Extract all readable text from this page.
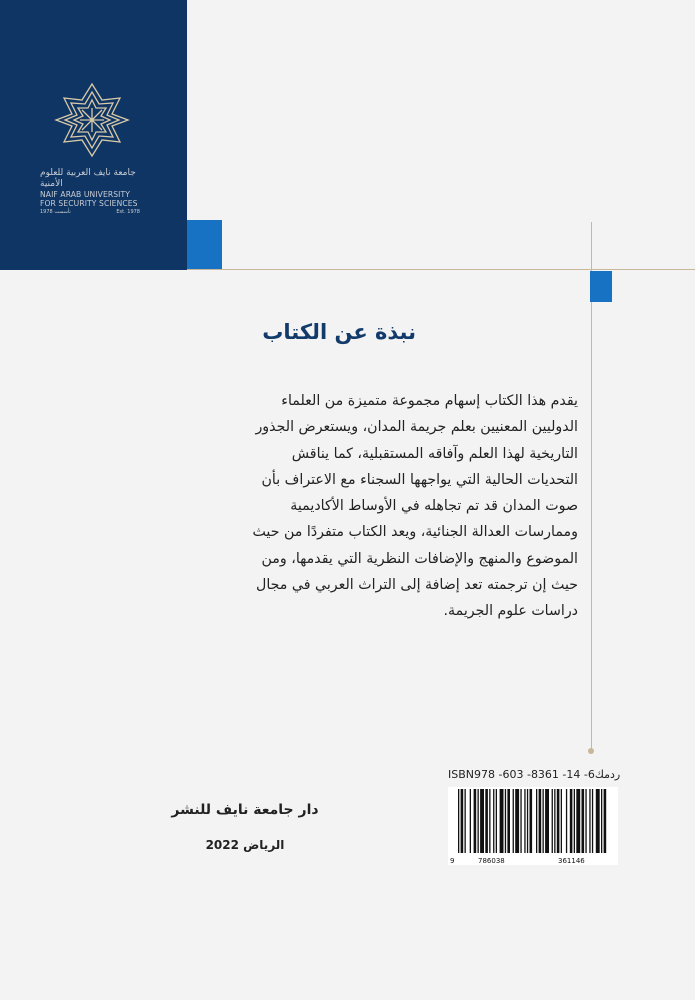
جامعة نايف العربية للعلوم الأمنية
NAIF ARAB UNIVERSITY
FOR SECURITY SCIENCES
1978 تأسست	Est. 1978
نبذة عن الكتاب
يقدم هذا الكتاب إسهام مجموعة متميزة من العلماء
الدوليين المعنيين بعلم جريمة المدان، ويستعرض الجذور
التاريخية لهذا العلم وآفاقه المستقبلية، كما يناقش
التحديات الحالية التي يواجهها السجناء مع الاعتراف بأن
صوت المدان قد تم تجاهله في الأوساط الأكاديمية
وممارسات العدالة الجنائية، ويعد الكتاب متفردًا من حيث
الموضوع والمنهج والإضافات النظرية التي يقدمها، ومن
حيث إن ترجمته تعد إضافة إلى التراث العربي في مجال
دراسات علوم الجريمة.
ISBN 978 -603 -8361 -14 -6 ردمك
9	786038	361146
دار جامعة نايف للنشر
الرياض 2022
